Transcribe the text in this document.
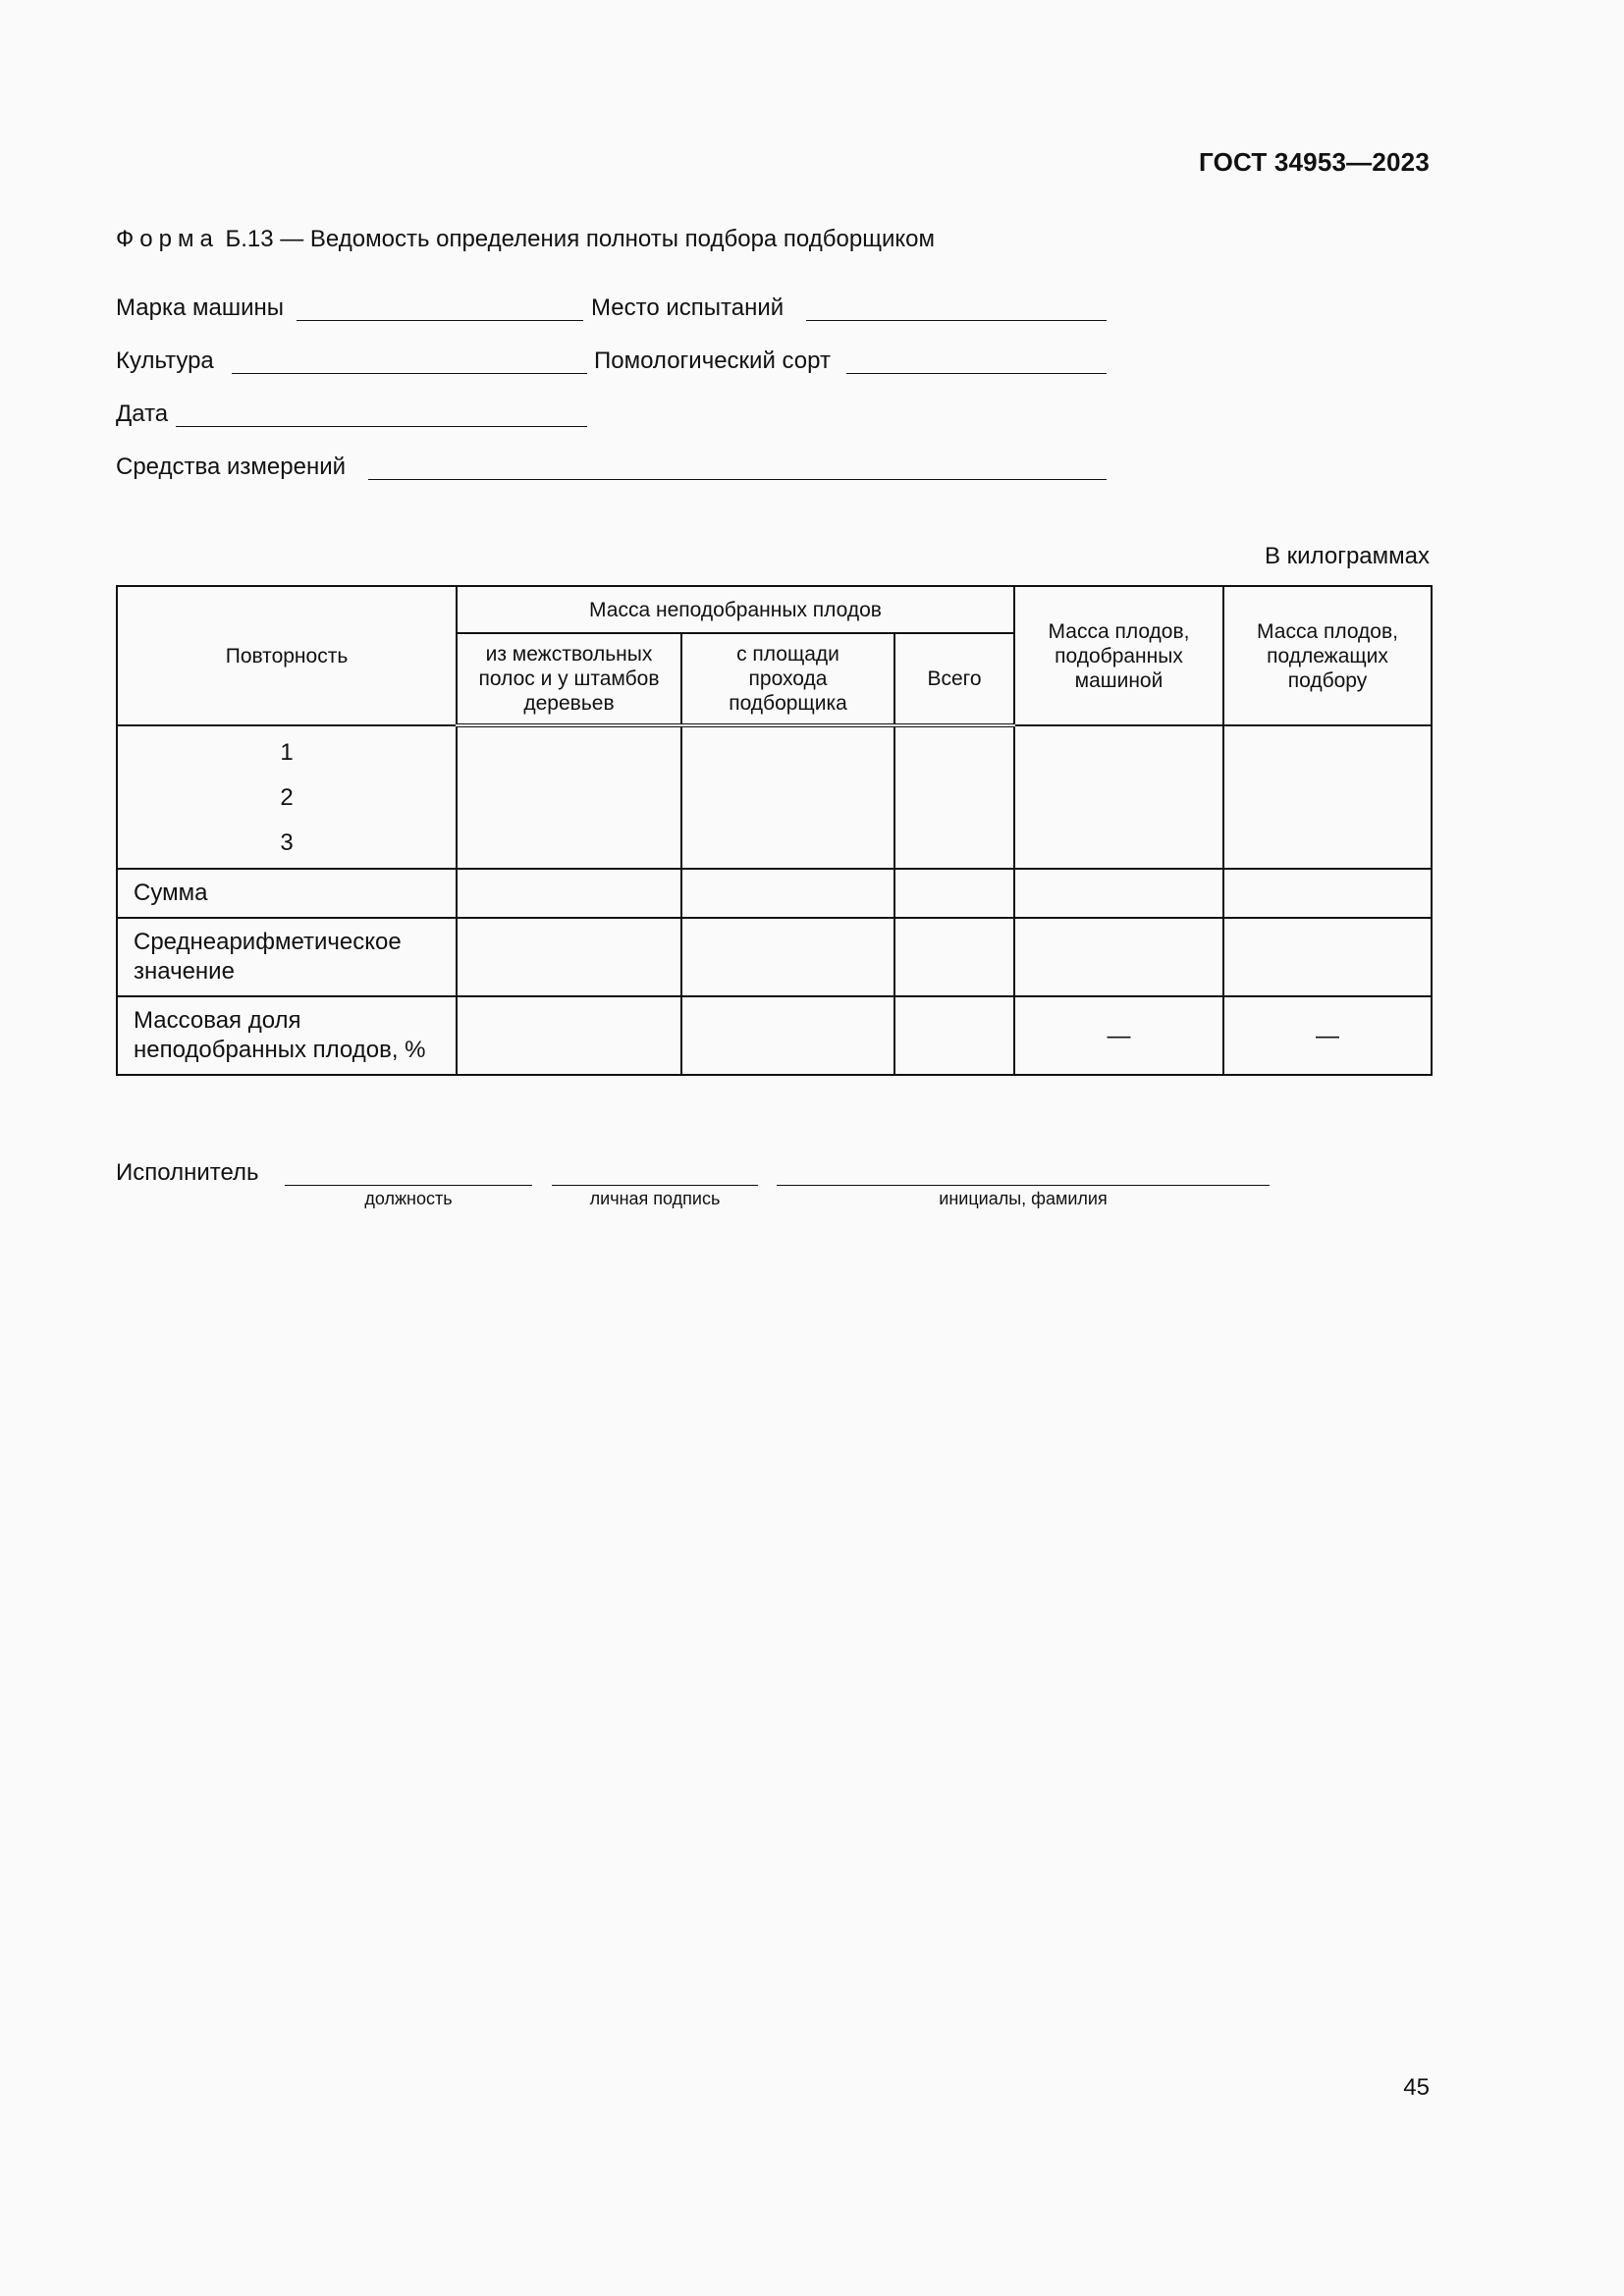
ГОСТ 34953—2023
Форма Б.13 — Ведомость определения полноты подбора подборщиком
Марка машины	Место испытаний
Культура	Помологический сорт
Дата
Средства измерений
В килограммах
Повторность	Масса неподобранных плодов			Масса плодов, подобранных машиной	Масса плодов, подлежащих подбору
	из межствольных полос и у штамбов деревьев	с площади прохода подборщика	Всего		

1
2
3					

Сумма					
Среднеарифметическое значение					
Массовая доля неподобранных плодов, %				—	—
Исполнитель
должность	личная подпись	инициалы, фамилия
45
